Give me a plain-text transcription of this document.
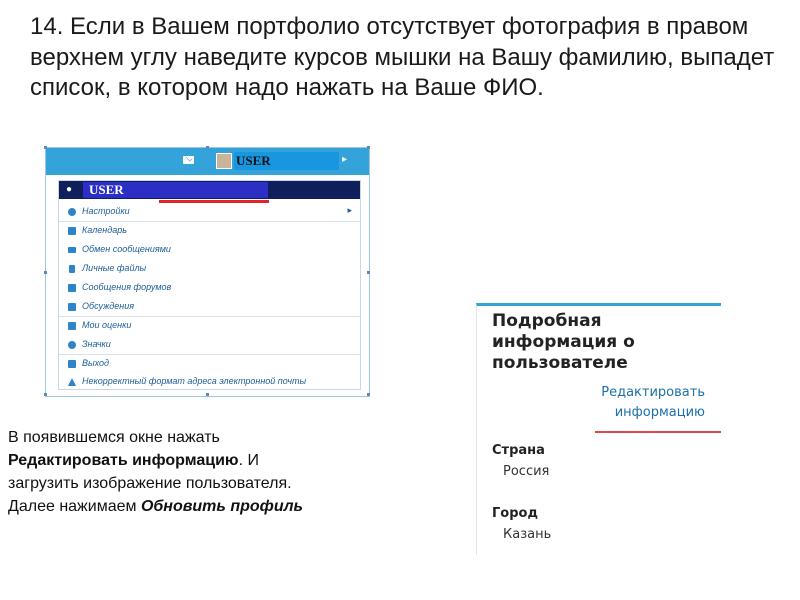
14. Если в Вашем портфолио отсутствует фотография в правом верхнем углу наведите курсов мышки на Вашу фамилию, выпадет список, в котором надо нажать на Ваше ФИО.
USER	▸
●	USER
Настройки	▸
Календарь
Обмен сообщениями
Личные файлы
Сообщения форумов
Обсуждения
Мои оценки
Значки
Выход
Некорректный формат адреса электронной почты
В появившемся окне нажать
Редактировать информацию. И
загрузить изображение пользователя.
Далее нажимаем Обновить профиль
Подробная информация о пользователе
Редактировать информацию
Страна
Россия
Город
Казань
